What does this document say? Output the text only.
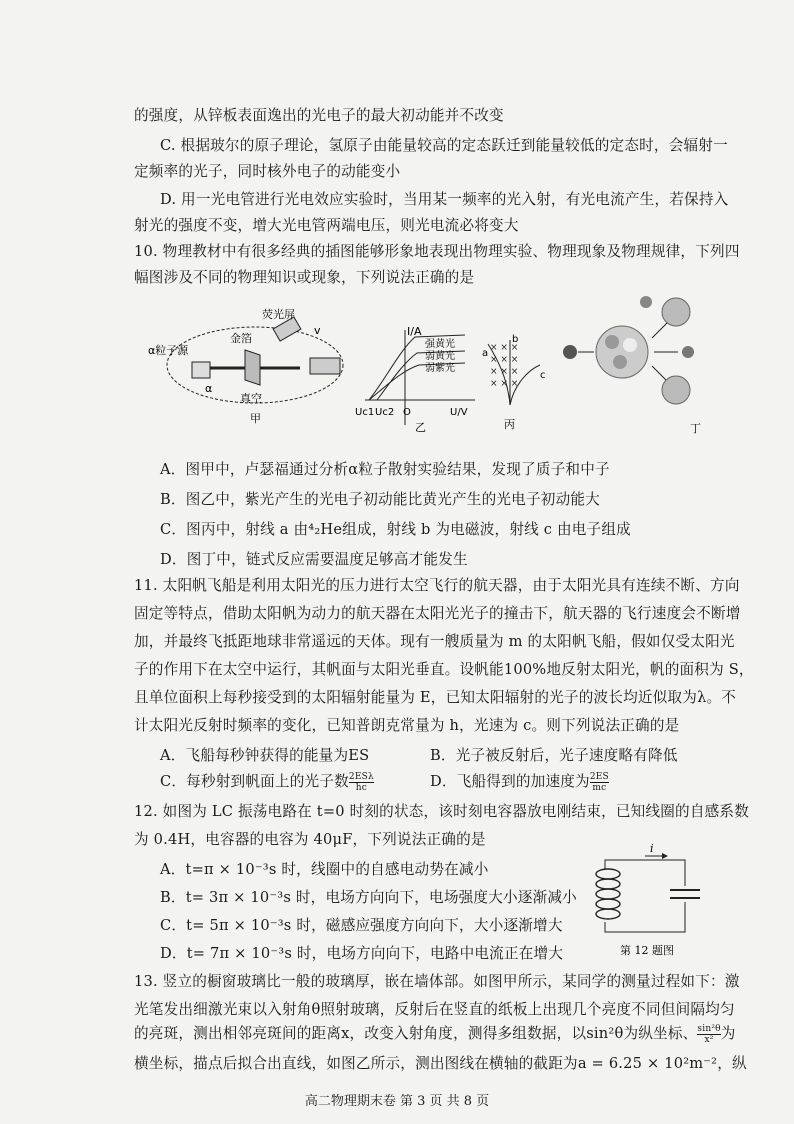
的强度，从锌板表面逸出的光电子的最大初动能并不改变
C. 根据玻尔的原子理论，氢原子由能量较高的定态跃迁到能量较低的定态时，会辐射一
定频率的光子，同时核外电子的动能变小
D. 用一光电管进行光电效应实验时，当用某一频率的光入射，有光电流产生，若保持入
射光的强度不变，增大光电管两端电压，则光电流必将变大
10. 物理教材中有很多经典的插图能够形象地表现出物理实验、物理现象及物理规律，下列四
幅图涉及不同的物理知识或现象，下列说法正确的是
α粒子源
荧光屏
金箔
v
真空
α
甲
I/A
强黄光
弱黄光
弱紫光
Uc1 Uc2 O	U/V
乙
× × ×
× × ×
× × ×
× × ×
a
b
c
丙	丁
A．图甲中，卢瑟福通过分析α粒子散射实验结果，发现了质子和中子
B．图乙中，紫光产生的光电子初动能比黄光产生的光电子初动能大
C．图丙中，射线 a 由⁴₂He组成，射线 b 为电磁波，射线 c 由电子组成
D．图丁中，链式反应需要温度足够高才能发生
11. 太阳帆飞船是利用太阳光的压力进行太空飞行的航天器，由于太阳光具有连续不断、方向
固定等特点，借助太阳帆为动力的航天器在太阳光光子的撞击下，航天器的飞行速度会不断增
加，并最终飞抵距地球非常遥远的天体。现有一艘质量为 m 的太阳帆飞船，假如仅受太阳光
子的作用下在太空中运行，其帆面与太阳光垂直。设帆能100%地反射太阳光，帆的面积为 S，
且单位面积上每秒接受到的太阳辐射能量为 E，已知太阳辐射的光子的波长均近似取为λ。不
计太阳光反射时频率的变化，已知普朗克常量为 h，光速为 c。则下列说法正确的是
A．飞船每秒钟获得的能量为ES	B．光子被反射后，光子速度略有降低
C．每秒射到帆面上的光子数 $\frac{\text{2ESλ}}{hc}$	D．飞船得到的加速度为 $\frac{2ES}{mc}$
12. 如图为 LC 振荡电路在 t=0 时刻的状态，该时刻电容器放电刚结束，已知线圈的自感系数
为 0.4H，电容器的电容为 40μF，下列说法正确的是
A．t=π × 10⁻³s 时，线圈中的自感电动势在减小
B．t= 3π × 10⁻³s 时，电场方向向下，电场强度大小逐渐减小
C．t= 5π × 10⁻³s 时，磁感应强度方向向下，大小逐渐增大
D．t= 7π × 10⁻³s 时，电场方向向下，电路中电流正在增大
i
第 12 题图
13. 竖立的橱窗玻璃比一般的玻璃厚，嵌在墙体部。如图甲所示，某同学的测量过程如下：激
光笔发出细激光束以入射角θ照射玻璃，反射后在竖直的纸板上出现几个亮度不同但间隔均匀
的亮斑，测出相邻亮斑间的距离x，改变入射角度，测得多组数据，以sin²θ为纵坐标、 $\frac{\text{sin²θ}}{\text{x²}}$ 为
横坐标，描点后拟合出直线，如图乙所示，测出图线在横轴的截距为a = 6.25 × 10²m⁻²，纵
高二物理期末卷 第 3 页 共 8 页
